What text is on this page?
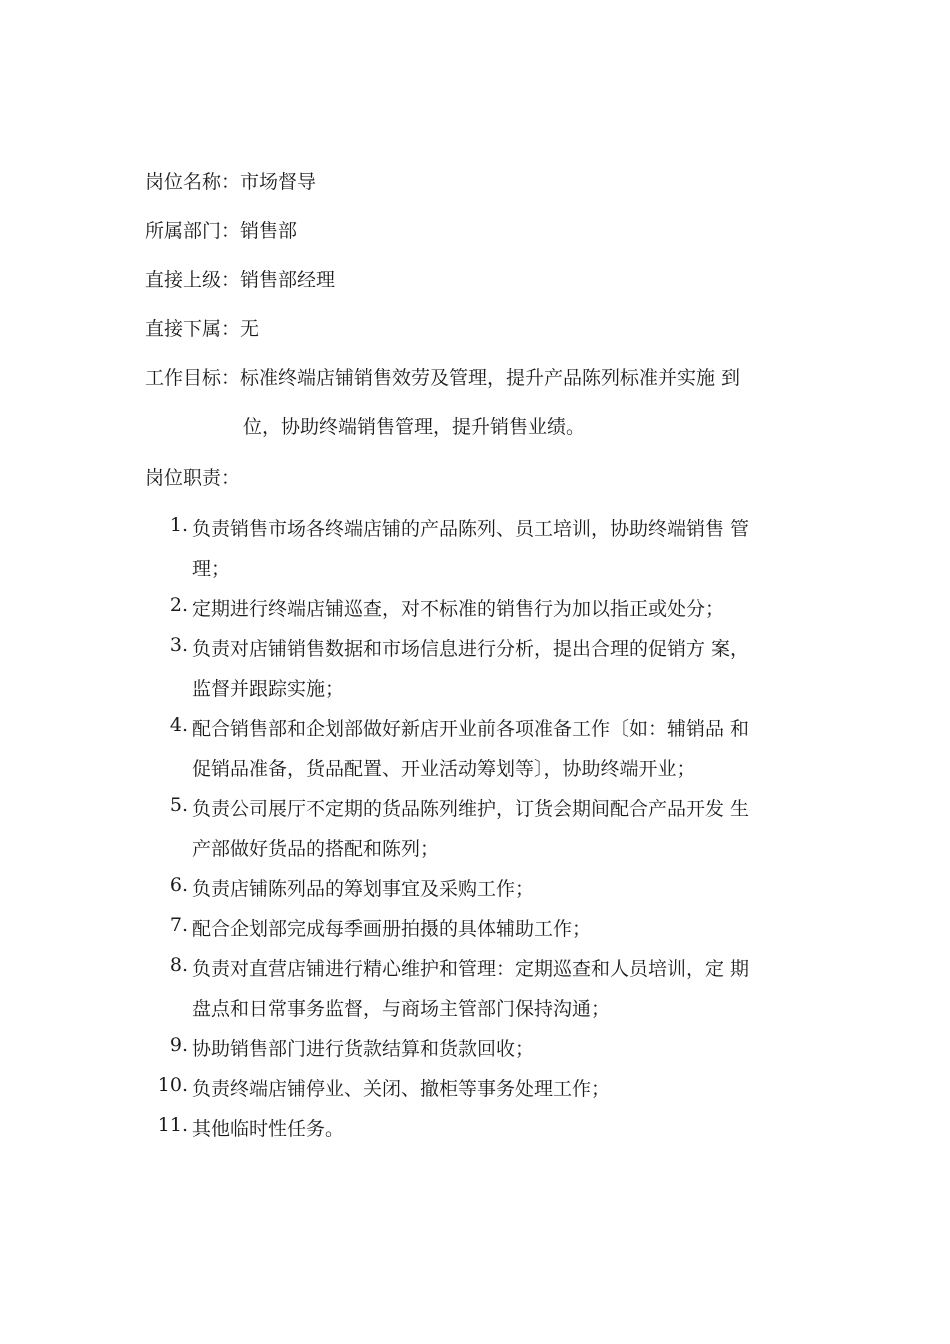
岗位名称：市场督导
所属部门：销售部
直接上级：销售部经理
直接下属：无
工作目标：标准终端店铺销售效劳及管理，提升产品陈列标准并实施 到
位，协助终端销售管理，提升销售业绩。
岗位职责：
1. 负责销售市场各终端店铺的产品陈列、员工培训，协助终端销售 管
理；
2. 定期进行终端店铺巡查，对不标准的销售行为加以指正或处分；
3. 负责对店铺销售数据和市场信息进行分析，提出合理的促销方 案，
监督并跟踪实施；
4. 配合销售部和企划部做好新店开业前各项准备工作〔如：辅销品 和
促销品准备，货品配置、开业活动筹划等〕，协助终端开业；
5. 负责公司展厅不定期的货品陈列维护，订货会期间配合产品开发 生
产部做好货品的搭配和陈列；
6. 负责店铺陈列品的筹划事宜及采购工作；
7. 配合企划部完成每季画册拍摄的具体辅助工作；
8. 负责对直营店铺进行精心维护和管理：定期巡查和人员培训，定 期
盘点和日常事务监督，与商场主管部门保持沟通；
9. 协助销售部门进行货款结算和货款回收；
10. 负责终端店铺停业、关闭、撤柜等事务处理工作；
11. 其他临时性任务。
